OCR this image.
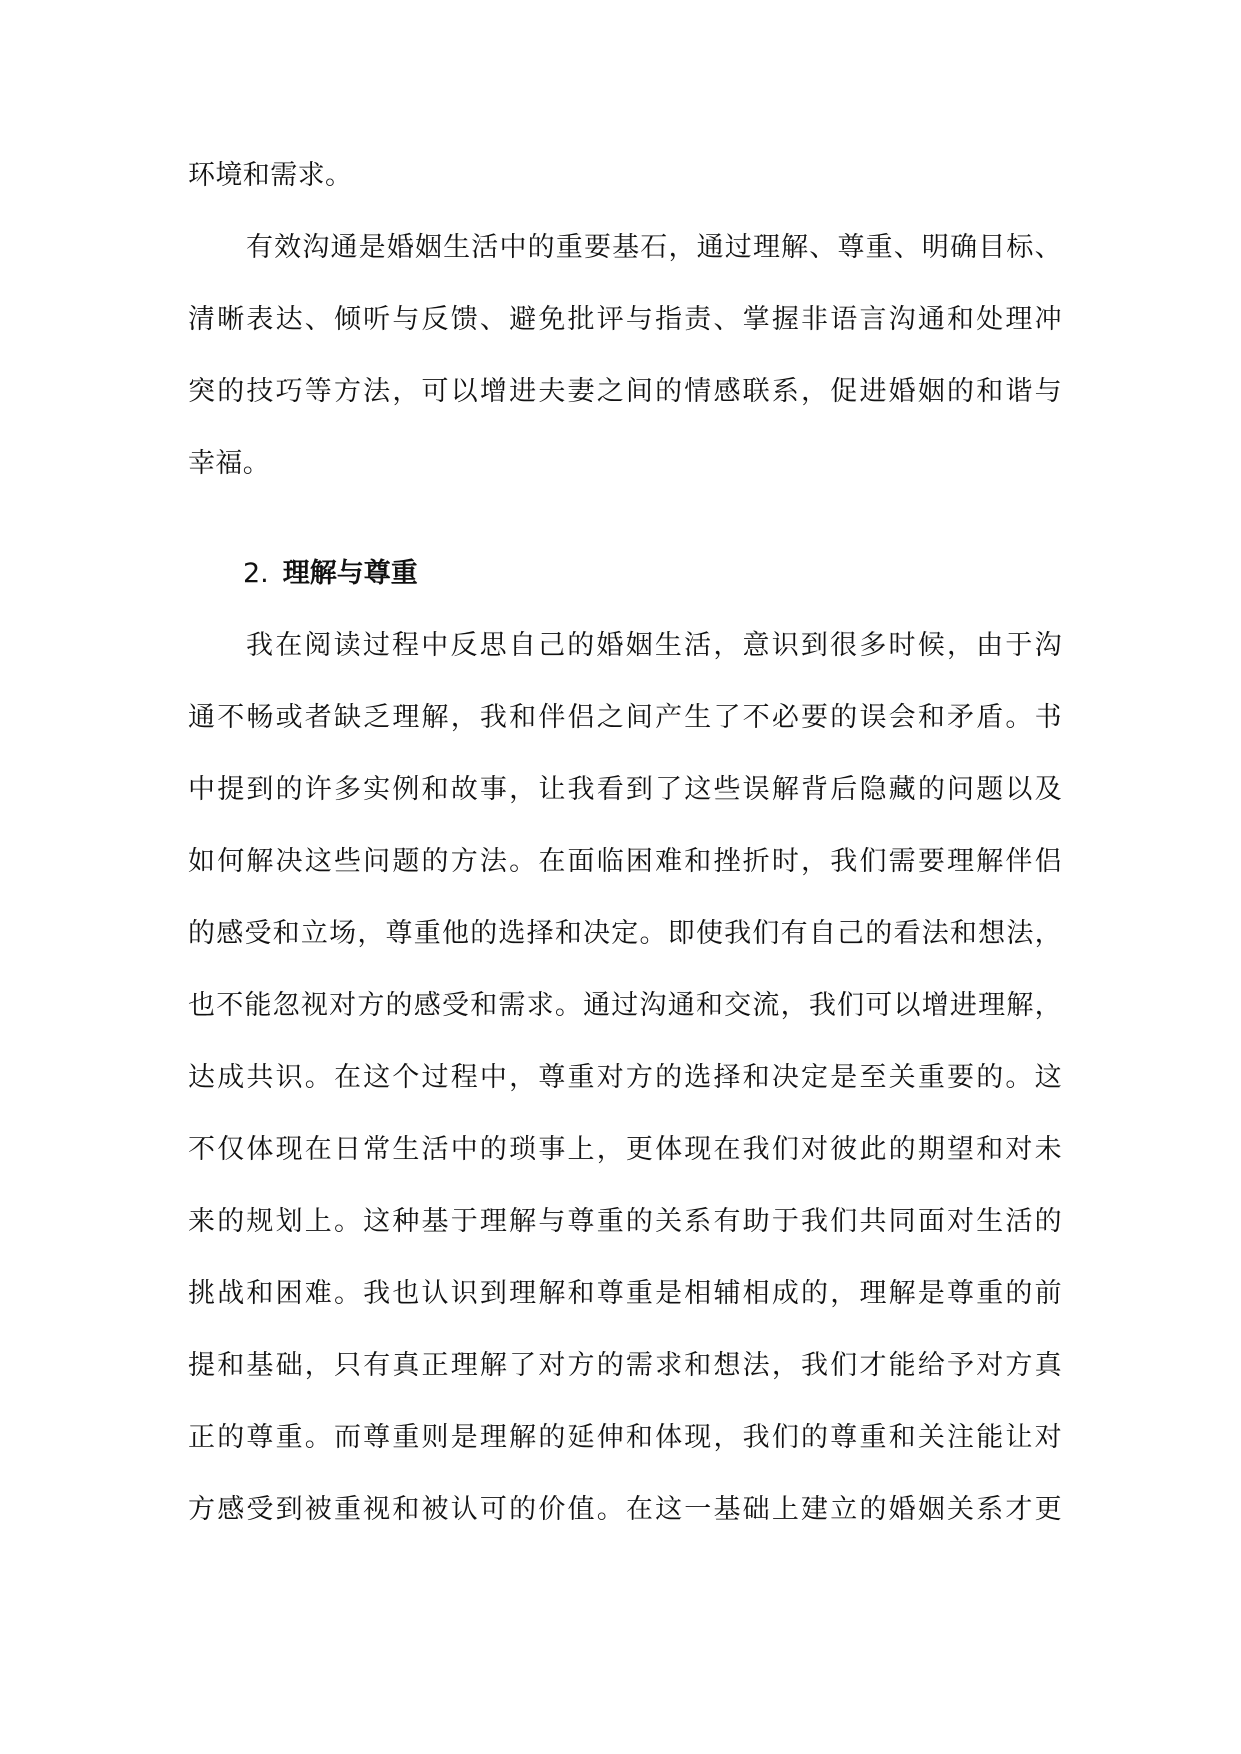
环境和需求。
有效沟通是婚姻生活中的重要基石，通过理解、尊重、明确目标、
清晰表达、倾听与反馈、避免批评与指责、掌握非语言沟通和处理冲
突的技巧等方法，可以增进夫妻之间的情感联系，促进婚姻的和谐与
幸福。
2. 理解与尊重
我在阅读过程中反思自己的婚姻生活，意识到很多时候，由于沟
通不畅或者缺乏理解，我和伴侣之间产生了不必要的误会和矛盾。书
中提到的许多实例和故事，让我看到了这些误解背后隐藏的问题以及
如何解决这些问题的方法。在面临困难和挫折时，我们需要理解伴侣
的感受和立场，尊重他的选择和决定。即使我们有自己的看法和想法，
也不能忽视对方的感受和需求。通过沟通和交流，我们可以增进理解，
达成共识。在这个过程中，尊重对方的选择和决定是至关重要的。这
不仅体现在日常生活中的琐事上，更体现在我们对彼此的期望和对未
来的规划上。这种基于理解与尊重的关系有助于我们共同面对生活的
挑战和困难。我也认识到理解和尊重是相辅相成的，理解是尊重的前
提和基础，只有真正理解了对方的需求和想法，我们才能给予对方真
正的尊重。而尊重则是理解的延伸和体现，我们的尊重和关注能让对
方感受到被重视和被认可的价值。在这一基础上建立的婚姻关系才更
